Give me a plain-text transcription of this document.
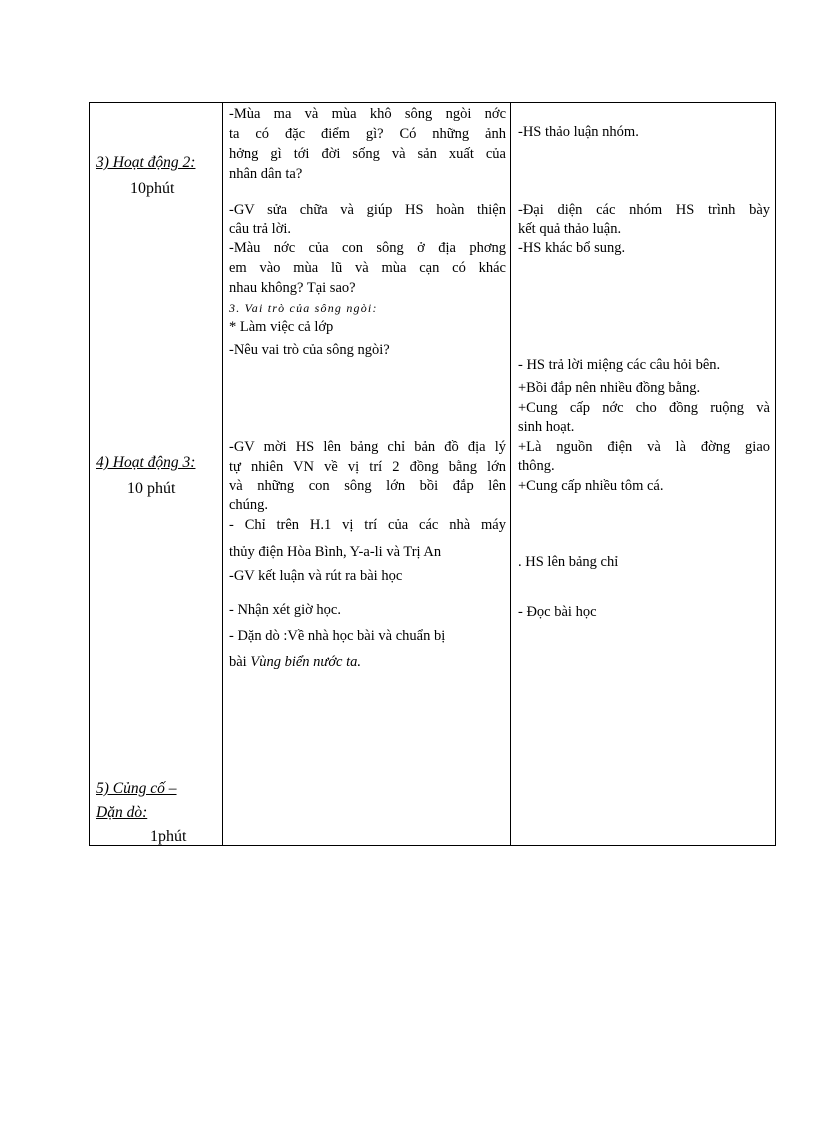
3) Hoạt động 2:
10phút
4) Hoạt động 3:
10 phút
5) Củng cố –
Dặn dò:
1phút
-Mùa ma và mùa khô sông ngòi nớc
ta có đặc điểm gì? Có những ảnh
hởng gì tới đời sống và sản xuất của
nhân dân ta?
-GV sửa chữa và giúp HS hoàn thiện
câu trả lời.
-Màu nớc của con sông ở địa phơng
em vào mùa lũ và mùa cạn có khác
nhau không? Tại sao?
3. Vai trò của sông ngòi:
* Làm việc cả lớp
-Nêu vai trò của sông ngòi?
-GV mời HS lên bảng chỉ bản đồ địa lý
tự nhiên VN về vị trí 2 đồng bằng lớn
và những con sông lớn bồi đắp lên
chúng.
- Chỉ trên H.1 vị trí của các nhà máy
thủy điện Hòa Bình, Y-a-li và Trị An
-GV kết luận và rút ra bài học
- Nhận xét giờ học.
- Dặn dò :Về nhà học bài và chuẩn bị
bài Vùng biển nước ta.
-HS thảo luận nhóm.
-Đại diện các nhóm HS trình bày
kết quả thảo luận.
-HS khác bổ sung.
- HS trả lời miệng các câu hỏi bên.
+Bồi đắp nên nhiều đồng bằng.
+Cung cấp nớc cho đồng ruộng và
sinh hoạt.
+Là nguồn điện và là đờng giao
thông.
+Cung cấp nhiều tôm cá.
. HS lên bảng chỉ
- Đọc bài học
